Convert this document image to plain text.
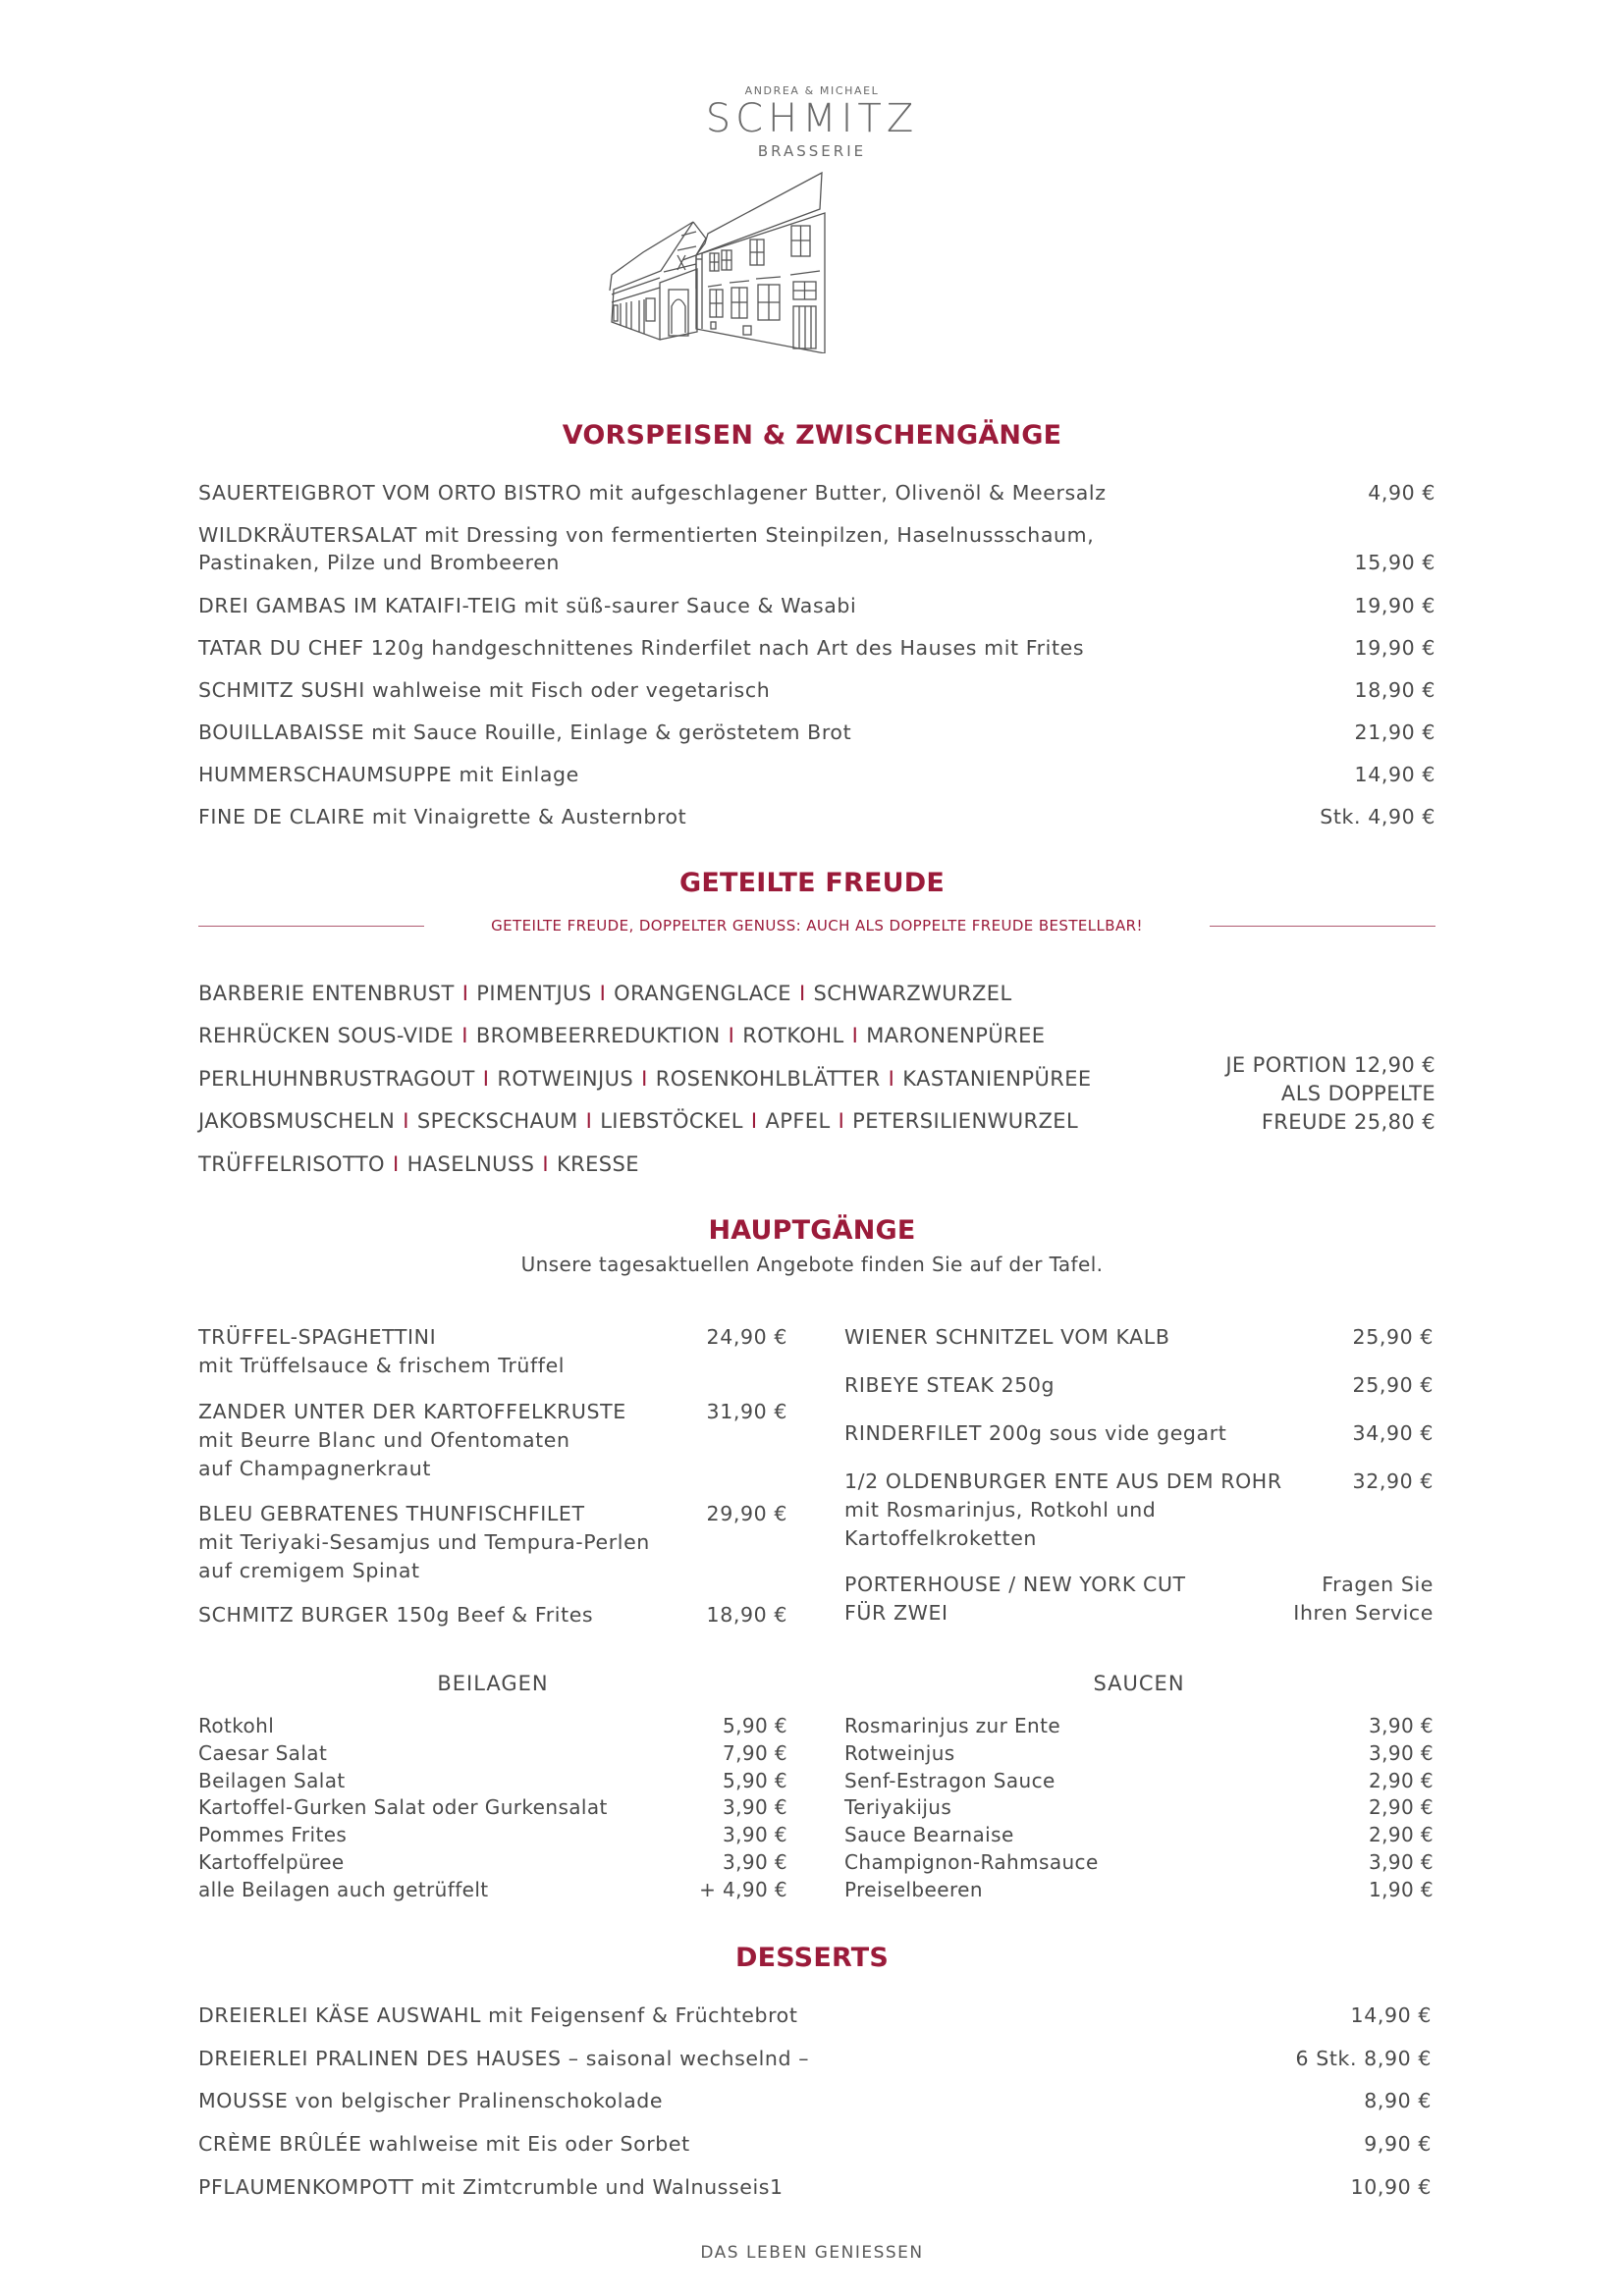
ANDREA & MICHAEL
SCHMITZ
BRASSERIE
VORSPEISEN & ZWISCHENGÄNGE
SAUERTEIGBROT VOM ORTO BISTRO mit aufgeschlagener Butter, Olivenöl & Meersalz	4,90 €
WILDKRÄUTERSALAT mit Dressing von fermentierten Steinpilzen, Haselnussschaum,
Pastinaken, Pilze und Brombeeren	15,90 €
DREI GAMBAS IM KATAIFI-TEIG mit süß-saurer Sauce & Wasabi	19,90 €
TATAR DU CHEF 120g handgeschnittenes Rinderfilet nach Art des Hauses mit Frites	19,90 €
SCHMITZ SUSHI wahlweise mit Fisch oder vegetarisch	18,90 €
BOUILLABAISSE mit Sauce Rouille, Einlage & geröstetem Brot	21,90 €
HUMMERSCHAUMSUPPE mit Einlage	14,90 €
FINE DE CLAIRE mit Vinaigrette & Austernbrot	Stk. 4,90 €
GETEILTE FREUDE
GETEILTE FREUDE, DOPPELTER GENUSS: AUCH ALS DOPPELTE FREUDE BESTELLBAR!
BARBERIE ENTENBRUST I PIMENTJUS I ORANGENGLACE I SCHWARZWURZEL
REHRÜCKEN SOUS-VIDE I BROMBEERREDUKTION I ROTKOHL I MARONENPÜREE
PERLHUHNBRUSTRAGOUT I ROTWEINJUS I ROSENKOHLBLÄTTER I KASTANIENPÜREE
JAKOBSMUSCHELN I SPECKSCHAUM I LIEBSTÖCKEL I APFEL I PETERSILIENWURZEL
TRÜFFELRISOTTO I HASELNUSS I KRESSE
JE PORTION 12,90 €
ALS DOPPELTE
FREUDE 25,80 €
HAUPTGÄNGE
Unsere tagesaktuellen Angebote finden Sie auf der Tafel.
TRÜFFEL-SPAGHETTINI
mit Trüffelsauce & frischem Trüffel
24,90 €
ZANDER UNTER DER KARTOFFELKRUSTE
mit Beurre Blanc und Ofentomaten
auf Champagnerkraut
31,90 €
BLEU GEBRATENES THUNFISCHFILET
mit Teriyaki-Sesamjus und Tempura-Perlen
auf cremigem Spinat
29,90 €
SCHMITZ BURGER 150g Beef & Frites	18,90 €
WIENER SCHNITZEL VOM KALB	25,90 €
RIBEYE STEAK 250g	25,90 €
RINDERFILET 200g sous vide gegart	34,90 €
1/2 OLDENBURGER ENTE AUS DEM ROHR
mit Rosmarinjus, Rotkohl und
Kartoffelkroketten
32,90 €
PORTERHOUSE / NEW YORK CUT
FÜR ZWEI
Fragen Sie
Ihren Service
BEILAGEN
Rotkohl	5,90 €
Caesar Salat	7,90 €
Beilagen Salat	5,90 €
Kartoffel-Gurken Salat oder Gurkensalat	3,90 €
Pommes Frites	3,90 €
Kartoffelpüree	3,90 €
alle Beilagen auch getrüffelt	+ 4,90 €
SAUCEN
Rosmarinjus zur Ente	3,90 €
Rotweinjus	3,90 €
Senf-Estragon Sauce	2,90 €
Teriyakijus	2,90 €
Sauce Bearnaise	2,90 €
Champignon-Rahmsauce	3,90 €
Preiselbeeren	1,90 €
DESSERTS
DREIERLEI KÄSE AUSWAHL mit Feigensenf & Früchtebrot	14,90 €
DREIERLEI PRALINEN DES HAUSES – saisonal wechselnd –	6 Stk. 8,90 €
MOUSSE von belgischer Pralinenschokolade	8,90 €
CRÈME BRÛLÉE wahlweise mit Eis oder Sorbet	9,90 €
PFLAUMENKOMPOTT mit Zimtcrumble und Walnusseis1	10,90 €
DAS LEBEN GENIESSEN
